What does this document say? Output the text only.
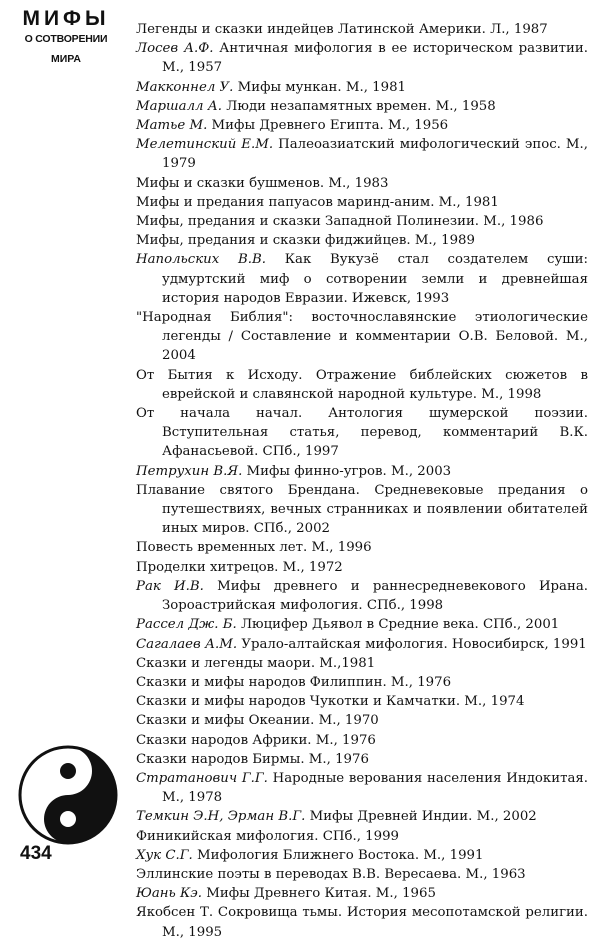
МИФЫ
О СОТВОРЕНИИ
МИРА
434
Легенды и сказки индейцев Латинской Америки. Л., 1987
Лосев А.Ф. Античная мифология в ее историческом развитии. М., 1957
Макконнел У. Мифы мункан. М., 1981
Маршалл А. Люди незапамятных времен. М., 1958
Матье М. Мифы Древнего Египта. М., 1956
Мелетинский Е.М. Палеоазиатский мифологический эпос. М., 1979
Мифы и сказки бушменов. М., 1983
Мифы и предания папуасов маринд-аним. М., 1981
Мифы, предания и сказки Западной Полинезии. М., 1986
Мифы, предания и сказки фиджийцев. М., 1989
Напольских В.В. Как Вукузё стал создателем суши: удмуртский миф о сотворении земли и древнейшая история народов Евразии. Ижевск, 1993
"Народная Библия": восточнославянские этиологические легенды / Составление и комментарии О.В. Беловой. М., 2004
От Бытия к Исходу. Отражение библейских сюжетов в еврейской и славянской народной культуре. М., 1998
От начала начал. Антология шумерской поэзии. Вступительная статья, перевод, комментарий В.К. Афанасьевой. СПб., 1997
Петрухин В.Я. Мифы финно-угров. М., 2003
Плавание святого Брендана. Средневековые предания о путешествиях, вечных странниках и появлении обитателей иных миров. СПб., 2002
Повесть временных лет. М., 1996
Проделки хитрецов. М., 1972
Рак И.В. Мифы древнего и раннесредневекового Ирана. Зороастрийская мифология. СПб., 1998
Рассел Дж. Б. Люцифер Дьявол в Средние века. СПб., 2001
Сагалаев А.М. Урало-алтайская мифология. Новосибирск, 1991
Сказки и легенды маори. М.,1981
Сказки и мифы народов Филиппин. М., 1976
Сказки и мифы народов Чукотки и Камчатки. М., 1974
Сказки и мифы Океании. М., 1970
Сказки народов Африки. М., 1976
Сказки народов Бирмы. М., 1976
Стратанович Г.Г. Народные верования населения Индокитая. М., 1978
Темкин Э.Н, Эрман В.Г. Мифы Древней Индии. М., 2002
Финикийская мифология. СПб., 1999
Хук С.Г. Мифология Ближнего Востока. М., 1991
Эллинские поэты в переводах В.В. Вересаева. М., 1963
Юань Кэ. Мифы Древнего Китая. М., 1965
Якобсен Т. Сокровища тьмы. История месопотамской религии. М., 1995
